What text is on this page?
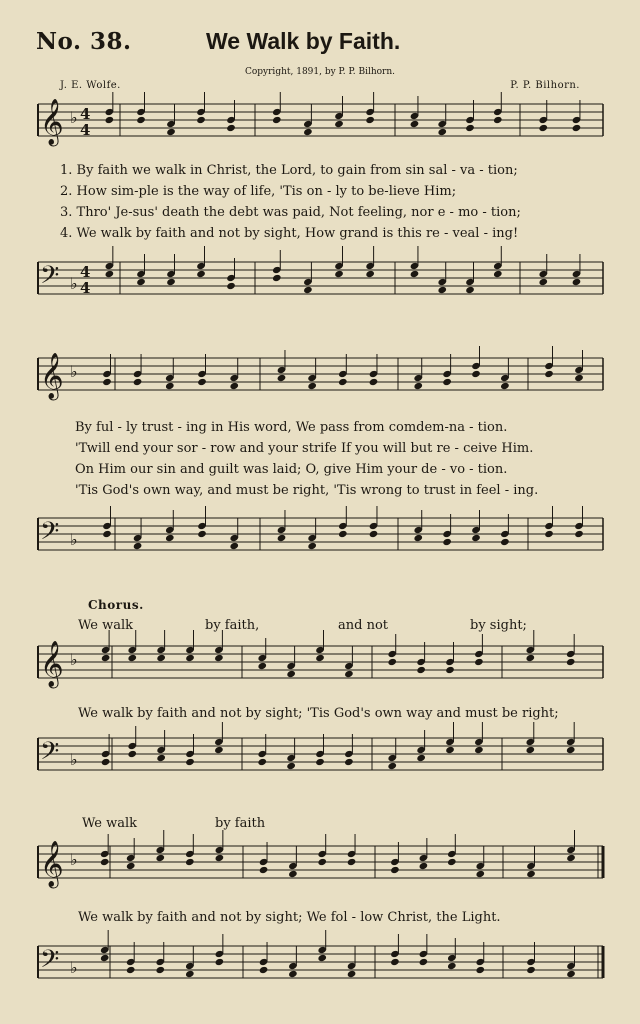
No. 38.	We Walk by Faith.
Copyright, 1891, by P. P. Bilhorn.
J. E. Wolfe.	P. P. Bilhorn.
𝄞 ♭ 4
4
1. By faith we walk in Christ, the Lord, to gain from sin sal - va - tion;
2. How sim-ple is the way of life, 'Tis on - ly to be-lieve Him;
3. Thro' Je-sus' death the debt was paid, Not feeling, nor e - mo - tion;
4. We walk by faith and not by sight, How grand is this re - veal - ing!
𝄢 ♭
4
4
𝄞 ♭
By ful - ly trust - ing in His word, We pass from comdem-na - tion.
'Twill end your sor - row and your strife If you will but re - ceive Him.
On Him our sin and guilt was laid; O, give Him your de - vo - tion.
'Tis God's own way, and must be right, 'Tis wrong to trust in feel - ing.
𝄢 ♭
Chorus.
We walk	by faith,	and not	by sight;
𝄞 ♭
We walk by faith and not by sight; 'Tis God's own way and must be right;
𝄢 ♭
We walk	by faith
𝄞 ♭
We walk by faith and not by sight; We fol - low Christ, the Light.
𝄢 ♭
